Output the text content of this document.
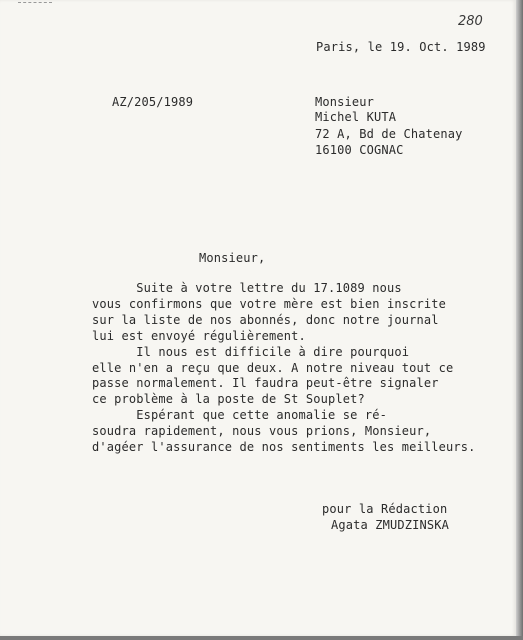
280
Paris, le 19. Oct. 1989
AZ/205/1989	Monsieur
Michel KUTA
72 A, Bd de Chatenay
16100 COGNAC
Monsieur,
Suite à votre lettre du 17.1089 nous
vous confirmons que votre mère est bien inscrite
sur la liste de nos abonnés, donc notre journal
lui est envoyé régulièrement.
Il nous est difficile à dire pourquoi
elle n'en a reçu que deux. A notre niveau tout ce
passe normalement. Il faudra peut-être signaler
ce problème à la poste de St Souplet?
Espérant que cette anomalie se ré-
soudra rapidement, nous vous prions, Monsieur,
d'agéer l'assurance de nos sentiments les meilleurs.
pour la Rédaction
Agata ZMUDZINSKA
